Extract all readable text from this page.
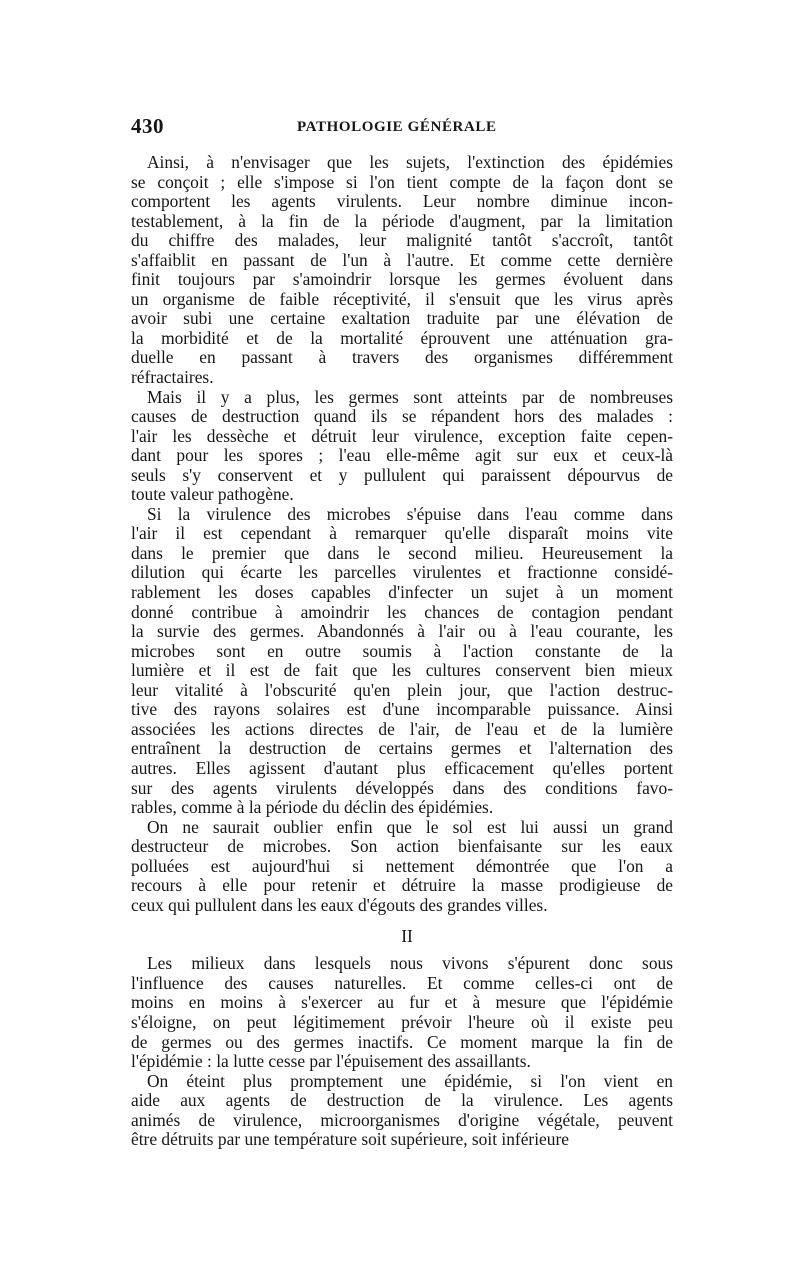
430	PATHOLOGIE GÉNÉRALE
Ainsi, à n'envisager que les sujets, l'extinction des épidémies
se conçoit ; elle s'impose si l'on tient compte de la façon dont se
comportent les agents virulents. Leur nombre diminue incon-
testablement, à la fin de la période d'augment, par la limitation
du chiffre des malades, leur malignité tantôt s'accroît, tantôt
s'affaiblit en passant de l'un à l'autre. Et comme cette dernière
finit toujours par s'amoindrir lorsque les germes évoluent dans
un organisme de faible réceptivité, il s'ensuit que les virus après
avoir subi une certaine exaltation traduite par une élévation de
la morbidité et de la mortalité éprouvent une atténuation gra-
duelle en passant à travers des organismes différemment
réfractaires.
Mais il y a plus, les germes sont atteints par de nombreuses
causes de destruction quand ils se répandent hors des malades :
l'air les dessèche et détruit leur virulence, exception faite cepen-
dant pour les spores ; l'eau elle-même agit sur eux et ceux-là
seuls s'y conservent et y pullulent qui paraissent dépourvus de
toute valeur pathogène.
Si la virulence des microbes s'épuise dans l'eau comme dans
l'air il est cependant à remarquer qu'elle disparaît moins vite
dans le premier que dans le second milieu. Heureusement la
dilution qui écarte les parcelles virulentes et fractionne considé-
rablement les doses capables d'infecter un sujet à un moment
donné contribue à amoindrir les chances de contagion pendant
la survie des germes. Abandonnés à l'air ou à l'eau courante, les
microbes sont en outre soumis à l'action constante de la
lumière et il est de fait que les cultures conservent bien mieux
leur vitalité à l'obscurité qu'en plein jour, que l'action destruc-
tive des rayons solaires est d'une incomparable puissance. Ainsi
associées les actions directes de l'air, de l'eau et de la lumière
entraînent la destruction de certains germes et l'alternation des
autres. Elles agissent d'autant plus efficacement qu'elles portent
sur des agents virulents développés dans des conditions favo-
rables, comme à la période du déclin des épidémies.
On ne saurait oublier enfin que le sol est lui aussi un grand
destructeur de microbes. Son action bienfaisante sur les eaux
polluées est aujourd'hui si nettement démontrée que l'on a
recours à elle pour retenir et détruire la masse prodigieuse de
ceux qui pullulent dans les eaux d'égouts des grandes villes.
II
Les milieux dans lesquels nous vivons s'épurent donc sous
l'influence des causes naturelles. Et comme celles-ci ont de
moins en moins à s'exercer au fur et à mesure que l'épidémie
s'éloigne, on peut légitimement prévoir l'heure où il existe peu
de germes ou des germes inactifs. Ce moment marque la fin de
l'épidémie : la lutte cesse par l'épuisement des assaillants.
On éteint plus promptement une épidémie, si l'on vient en
aide aux agents de destruction de la virulence. Les agents
animés de virulence, microorganismes d'origine végétale, peuvent
être détruits par une température soit supérieure, soit inférieure
